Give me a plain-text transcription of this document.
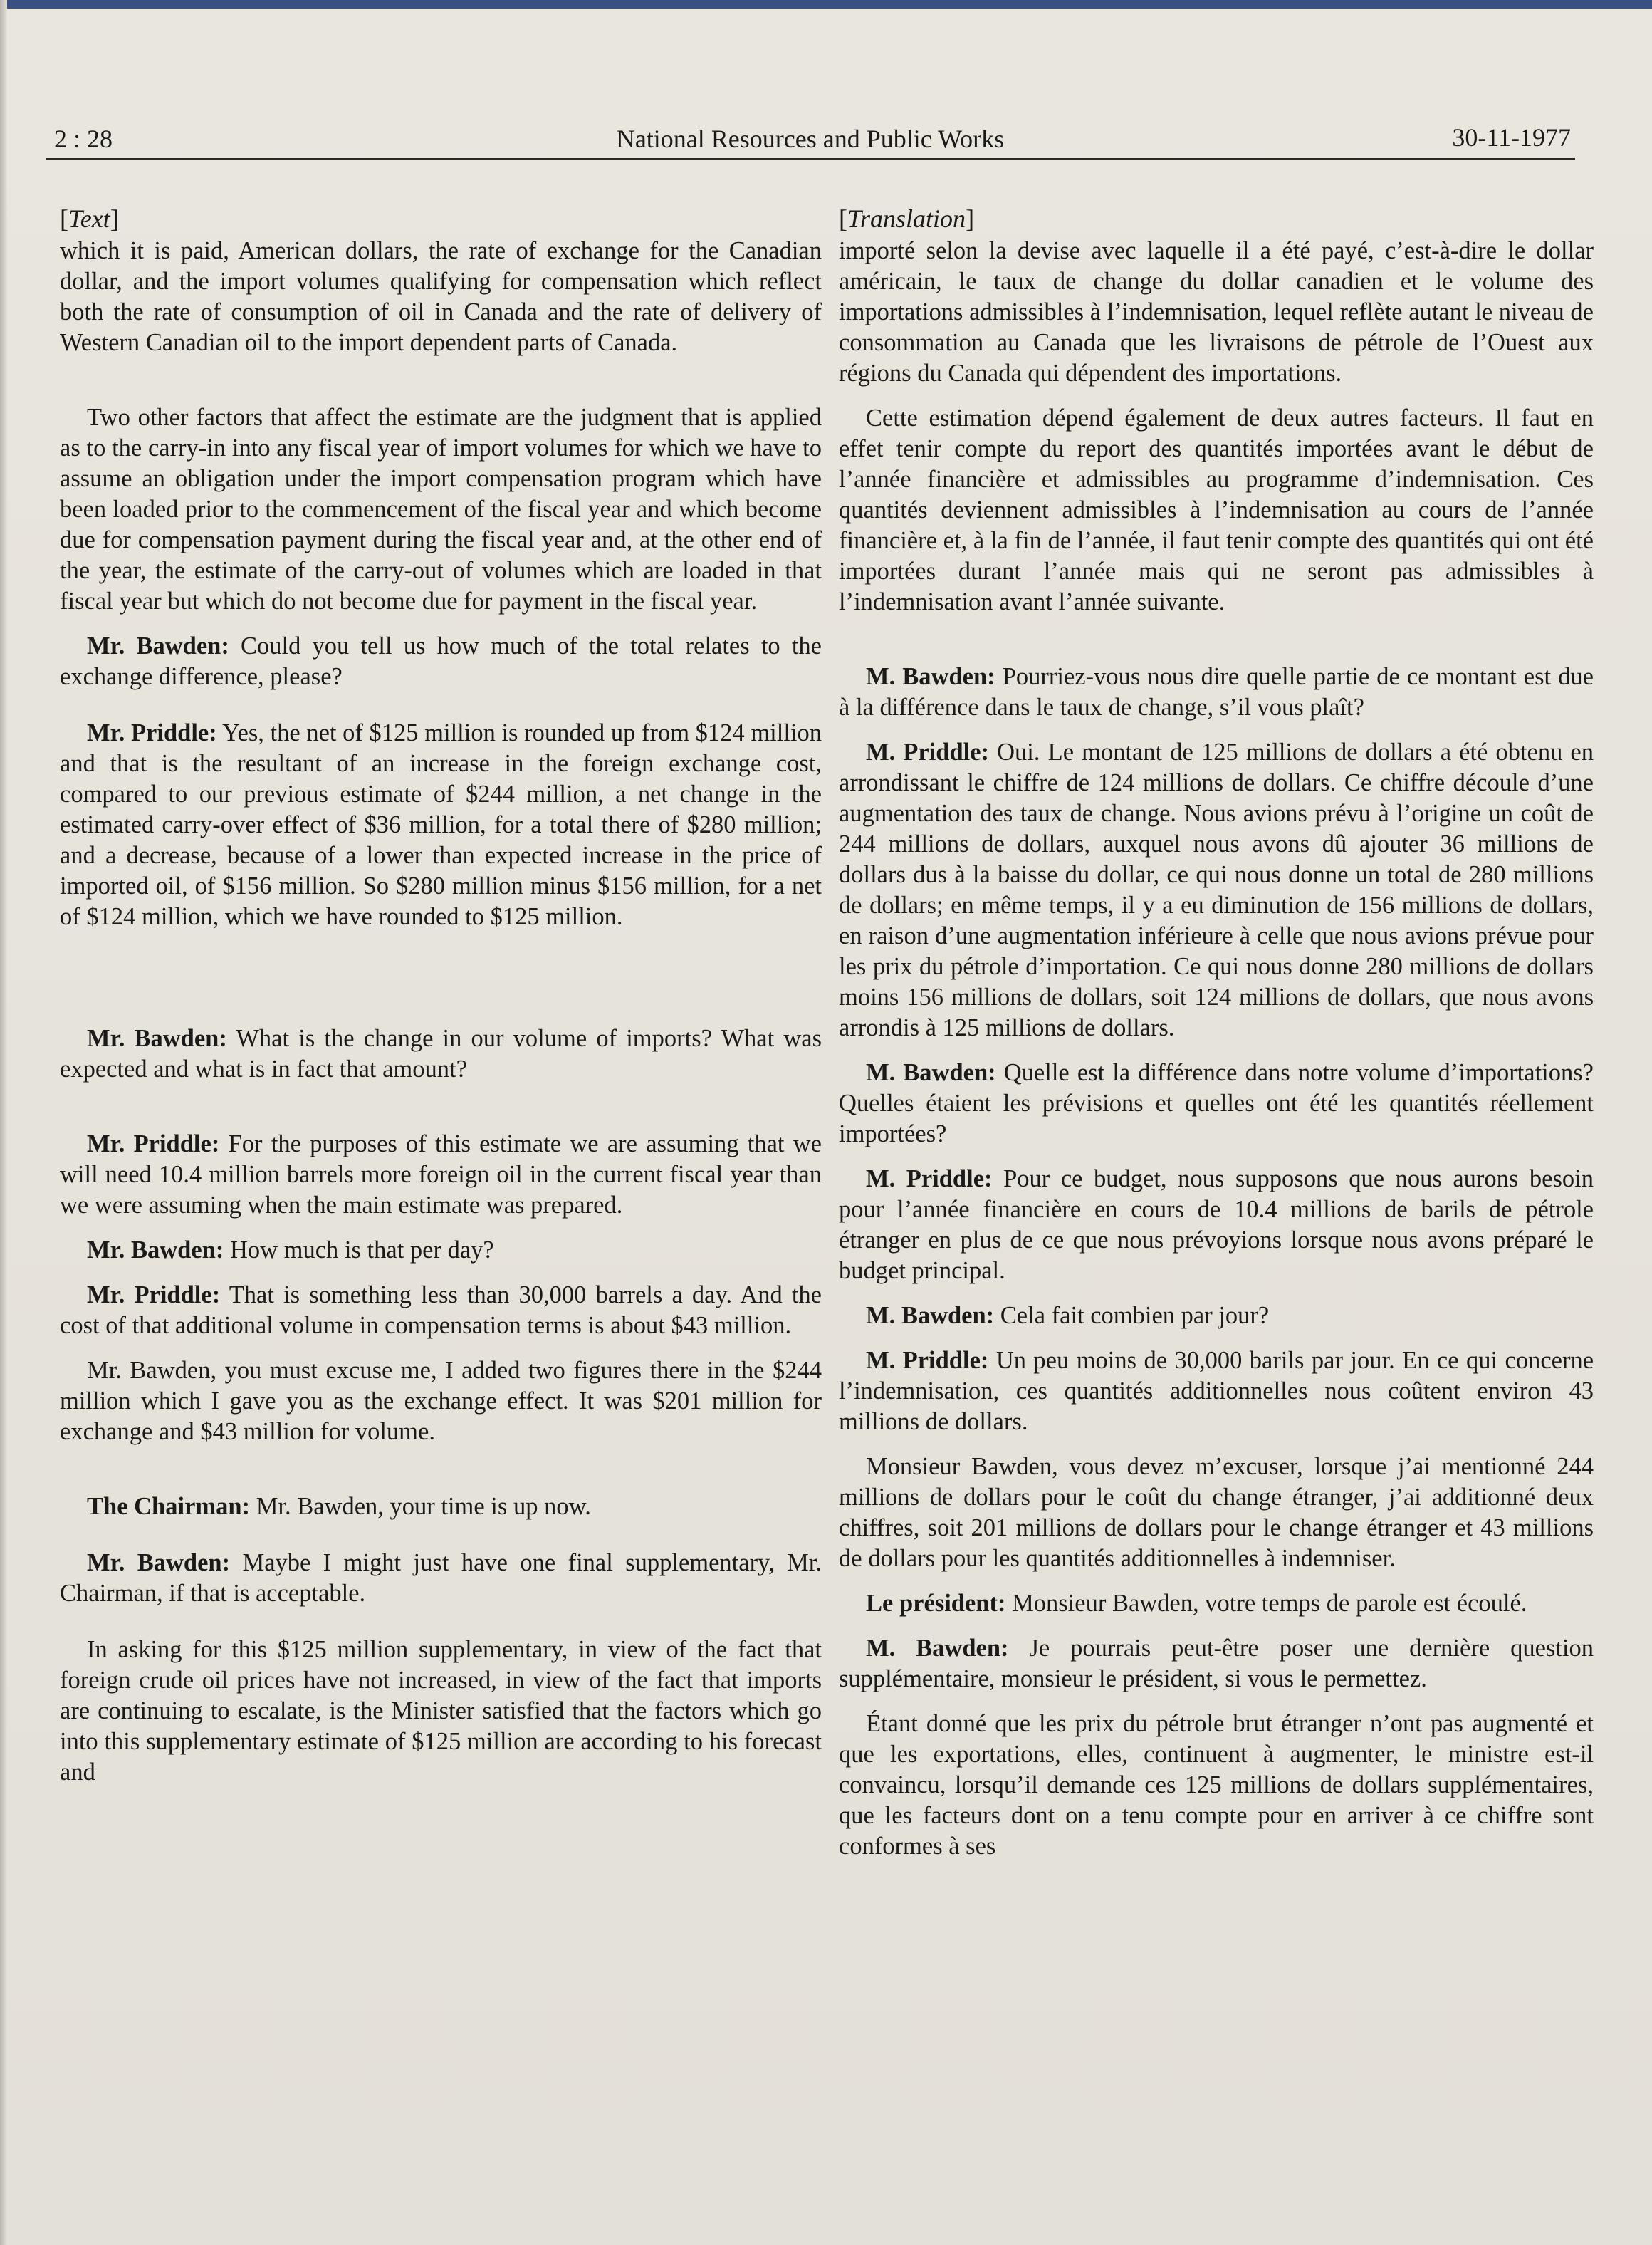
2 : 28	National Resources and Public Works	30-11-1977
[Text]

which it is paid, American dollars, the rate of exchange for the Canadian dollar, and the import volumes qualifying for compensation which reflect both the rate of consumption of oil in Canada and the rate of delivery of Western Canadian oil to the import dependent parts of Canada.

Two other factors that affect the estimate are the judgment that is applied as to the carry-in into any fiscal year of import volumes for which we have to assume an obligation under the import compensation program which have been loaded prior to the commencement of the fiscal year and which become due for compensation payment during the fiscal year and, at the other end of the year, the estimate of the carry-out of volumes which are loaded in that fiscal year but which do not become due for payment in the fiscal year.

Mr. Bawden: Could you tell us how much of the total relates to the exchange difference, please?

Mr. Priddle: Yes, the net of $125 million is rounded up from $124 million and that is the resultant of an increase in the foreign exchange cost, compared to our previous estimate of $244 million, a net change in the estimated carry-over effect of $36 million, for a total there of $280 million; and a decrease, because of a lower than expected increase in the price of imported oil, of $156 million. So $280 million minus $156 million, for a net of $124 million, which we have rounded to $125 million.

Mr. Bawden: What is the change in our volume of imports? What was expected and what is in fact that amount?

Mr. Priddle: For the purposes of this estimate we are assuming that we will need 10.4 million barrels more foreign oil in the current fiscal year than we were assuming when the main estimate was prepared.

Mr. Bawden: How much is that per day?

Mr. Priddle: That is something less than 30,000 barrels a day. And the cost of that additional volume in compensation terms is about $43 million.

Mr. Bawden, you must excuse me, I added two figures there in the $244 million which I gave you as the exchange effect. It was $201 million for exchange and $43 million for volume.

The Chairman: Mr. Bawden, your time is up now.

Mr. Bawden: Maybe I might just have one final supplementary, Mr. Chairman, if that is acceptable.

In asking for this $125 million supplementary, in view of the fact that foreign crude oil prices have not increased, in view of the fact that imports are continuing to escalate, is the Minister satisfied that the factors which go into this supplementary estimate of $125 million are according to his forecast and

[Translation]

importé selon la devise avec laquelle il a été payé, c’est-à-dire le dollar américain, le taux de change du dollar canadien et le volume des importations admissibles à l’indemnisation, lequel reflète autant le niveau de consommation au Canada que les livraisons de pétrole de l’Ouest aux régions du Canada qui dépendent des importations.

Cette estimation dépend également de deux autres facteurs. Il faut en effet tenir compte du report des quantités importées avant le début de l’année financière et admissibles au programme d’indemnisation. Ces quantités deviennent admissibles à l’indemnisation au cours de l’année financière et, à la fin de l’année, il faut tenir compte des quantités qui ont été importées durant l’année mais qui ne seront pas admissibles à l’indemnisation avant l’année suivante.

M. Bawden: Pourriez-vous nous dire quelle partie de ce montant est due à la différence dans le taux de change, s’il vous plaît?

M. Priddle: Oui. Le montant de 125 millions de dollars a été obtenu en arrondissant le chiffre de 124 millions de dollars. Ce chiffre découle d’une augmentation des taux de change. Nous avions prévu à l’origine un coût de 244 millions de dollars, auxquel nous avons dû ajouter 36 millions de dollars dus à la baisse du dollar, ce qui nous donne un total de 280 millions de dollars; en même temps, il y a eu diminution de 156 millions de dollars, en raison d’une augmentation inférieure à celle que nous avions prévue pour les prix du pétrole d’importation. Ce qui nous donne 280 millions de dollars moins 156 millions de dollars, soit 124 millions de dollars, que nous avons arrondis à 125 millions de dollars.

M. Bawden: Quelle est la différence dans notre volume d’importations? Quelles étaient les prévisions et quelles ont été les quantités réellement importées?

M. Priddle: Pour ce budget, nous supposons que nous aurons besoin pour l’année financière en cours de 10.4 millions de barils de pétrole étranger en plus de ce que nous prévoyions lorsque nous avons préparé le budget principal.

M. Bawden: Cela fait combien par jour?

M. Priddle: Un peu moins de 30,000 barils par jour. En ce qui concerne l’indemnisation, ces quantités additionnelles nous coûtent environ 43 millions de dollars.

Monsieur Bawden, vous devez m’excuser, lorsque j’ai mentionné 244 millions de dollars pour le coût du change étranger, j’ai additionné deux chiffres, soit 201 millions de dollars pour le change étranger et 43 millions de dollars pour les quantités additionnelles à indemniser.

Le président: Monsieur Bawden, votre temps de parole est écoulé.

M. Bawden: Je pourrais peut-être poser une dernière question supplémentaire, monsieur le président, si vous le permettez.

Étant donné que les prix du pétrole brut étranger n’ont pas augmenté et que les exportations, elles, continuent à augmenter, le ministre est-il convaincu, lorsqu’il demande ces 125 millions de dollars supplémentaires, que les facteurs dont on a tenu compte pour en arriver à ce chiffre sont conformes à ses
